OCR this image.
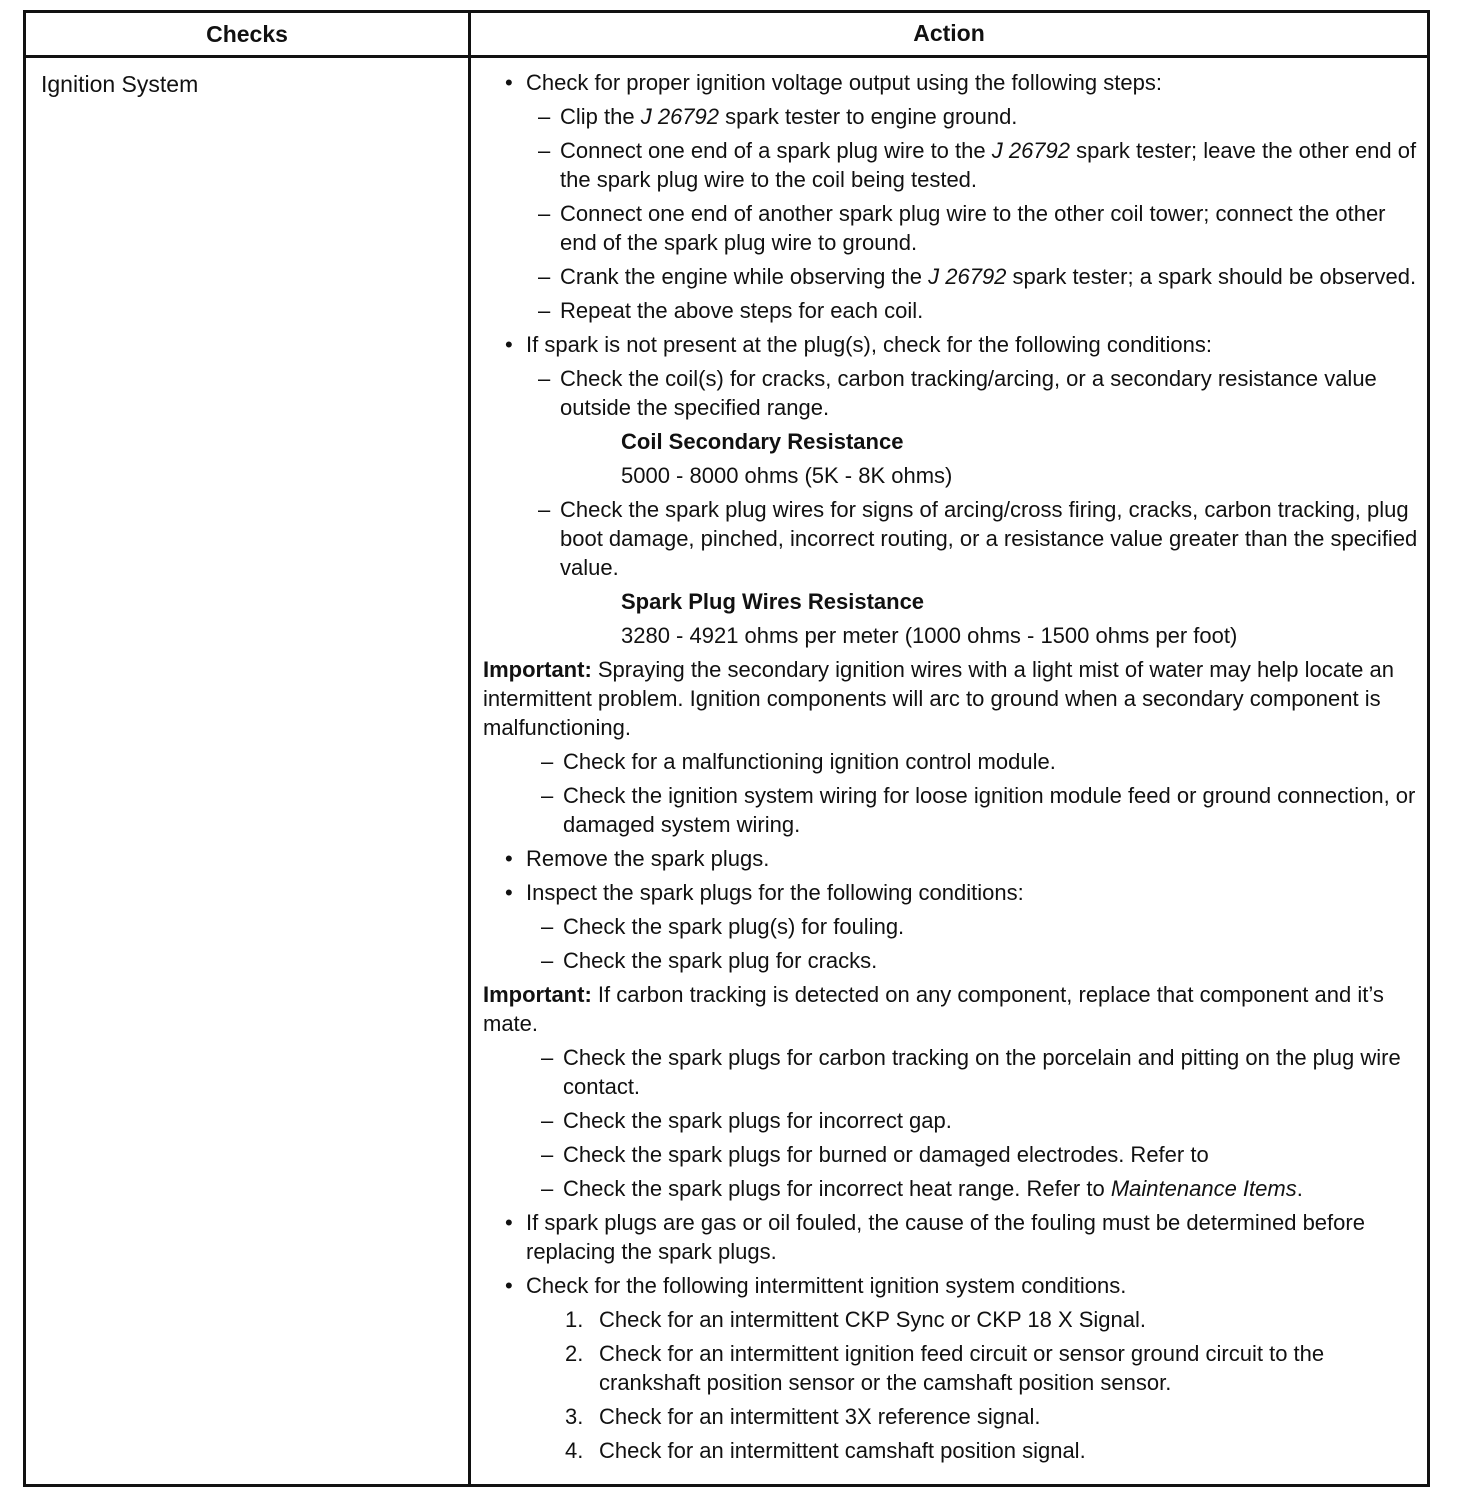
Checks	Action
Ignition System	• Check for proper ignition voltage output using the following steps:
– Clip the J 26792 spark tester to engine ground.
– Connect one end of a spark plug wire to the J 26792 spark tester; leave the other end of the spark plug wire to the coil being tested.
– Connect one end of another spark plug wire to the other coil tower; connect the other end of the spark plug wire to ground.
– Crank the engine while observing the J 26792 spark tester; a spark should be observed.
– Repeat the above steps for each coil.
• If spark is not present at the plug(s), check for the following conditions:
– Check the coil(s) for cracks, carbon tracking/arcing, or a secondary resistance value outside the specified range.
Coil Secondary Resistance
5000 - 8000 ohms (5K - 8K ohms)
– Check the spark plug wires for signs of arcing/cross firing, cracks, carbon tracking, plug boot damage, pinched, incorrect routing, or a resistance value greater than the specified value.
Spark Plug Wires Resistance
3280 - 4921 ohms per meter (1000 ohms - 1500 ohms per foot)
Important: Spraying the secondary ignition wires with a light mist of water may help locate an intermittent problem. Ignition components will arc to ground when a secondary component is malfunctioning.
– Check for a malfunctioning ignition control module.
– Check the ignition system wiring for loose ignition module feed or ground connection, or damaged system wiring.
• Remove the spark plugs.
• Inspect the spark plugs for the following conditions:
– Check the spark plug(s) for fouling.
– Check the spark plug for cracks.
Important: If carbon tracking is detected on any component, replace that component and it’s mate.
– Check the spark plugs for carbon tracking on the porcelain and pitting on the plug wire contact.
– Check the spark plugs for incorrect gap.
– Check the spark plugs for burned or damaged electrodes. Refer to
– Check the spark plugs for incorrect heat range. Refer to Maintenance Items.
• If spark plugs are gas or oil fouled, the cause of the fouling must be determined before replacing the spark plugs.
• Check for the following intermittent ignition system conditions.
1. Check for an intermittent CKP Sync or CKP 18 X Signal.
2. Check for an intermittent ignition feed circuit or sensor ground circuit to the crankshaft position sensor or the camshaft position sensor.
3. Check for an intermittent 3X reference signal.
4. Check for an intermittent camshaft position signal.
